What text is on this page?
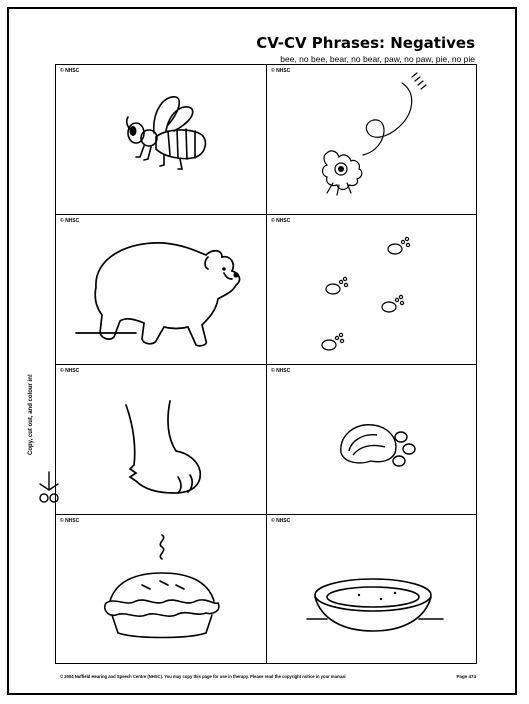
CV-CV Phrases: Negatives
bee, no bee, bear, no bear, paw, no paw, pie, no pie
© NHSC	© NHSC
© NHSC	© NHSC
© NHSC	© NHSC
© NHSC	© NHSC
Copy, cut out, and colour in!
© 2004 Nuffield Hearing and Speech Centre (NHSC). You may copy this page for use in therapy. Please read the copyright notice in your manual	Page 474
